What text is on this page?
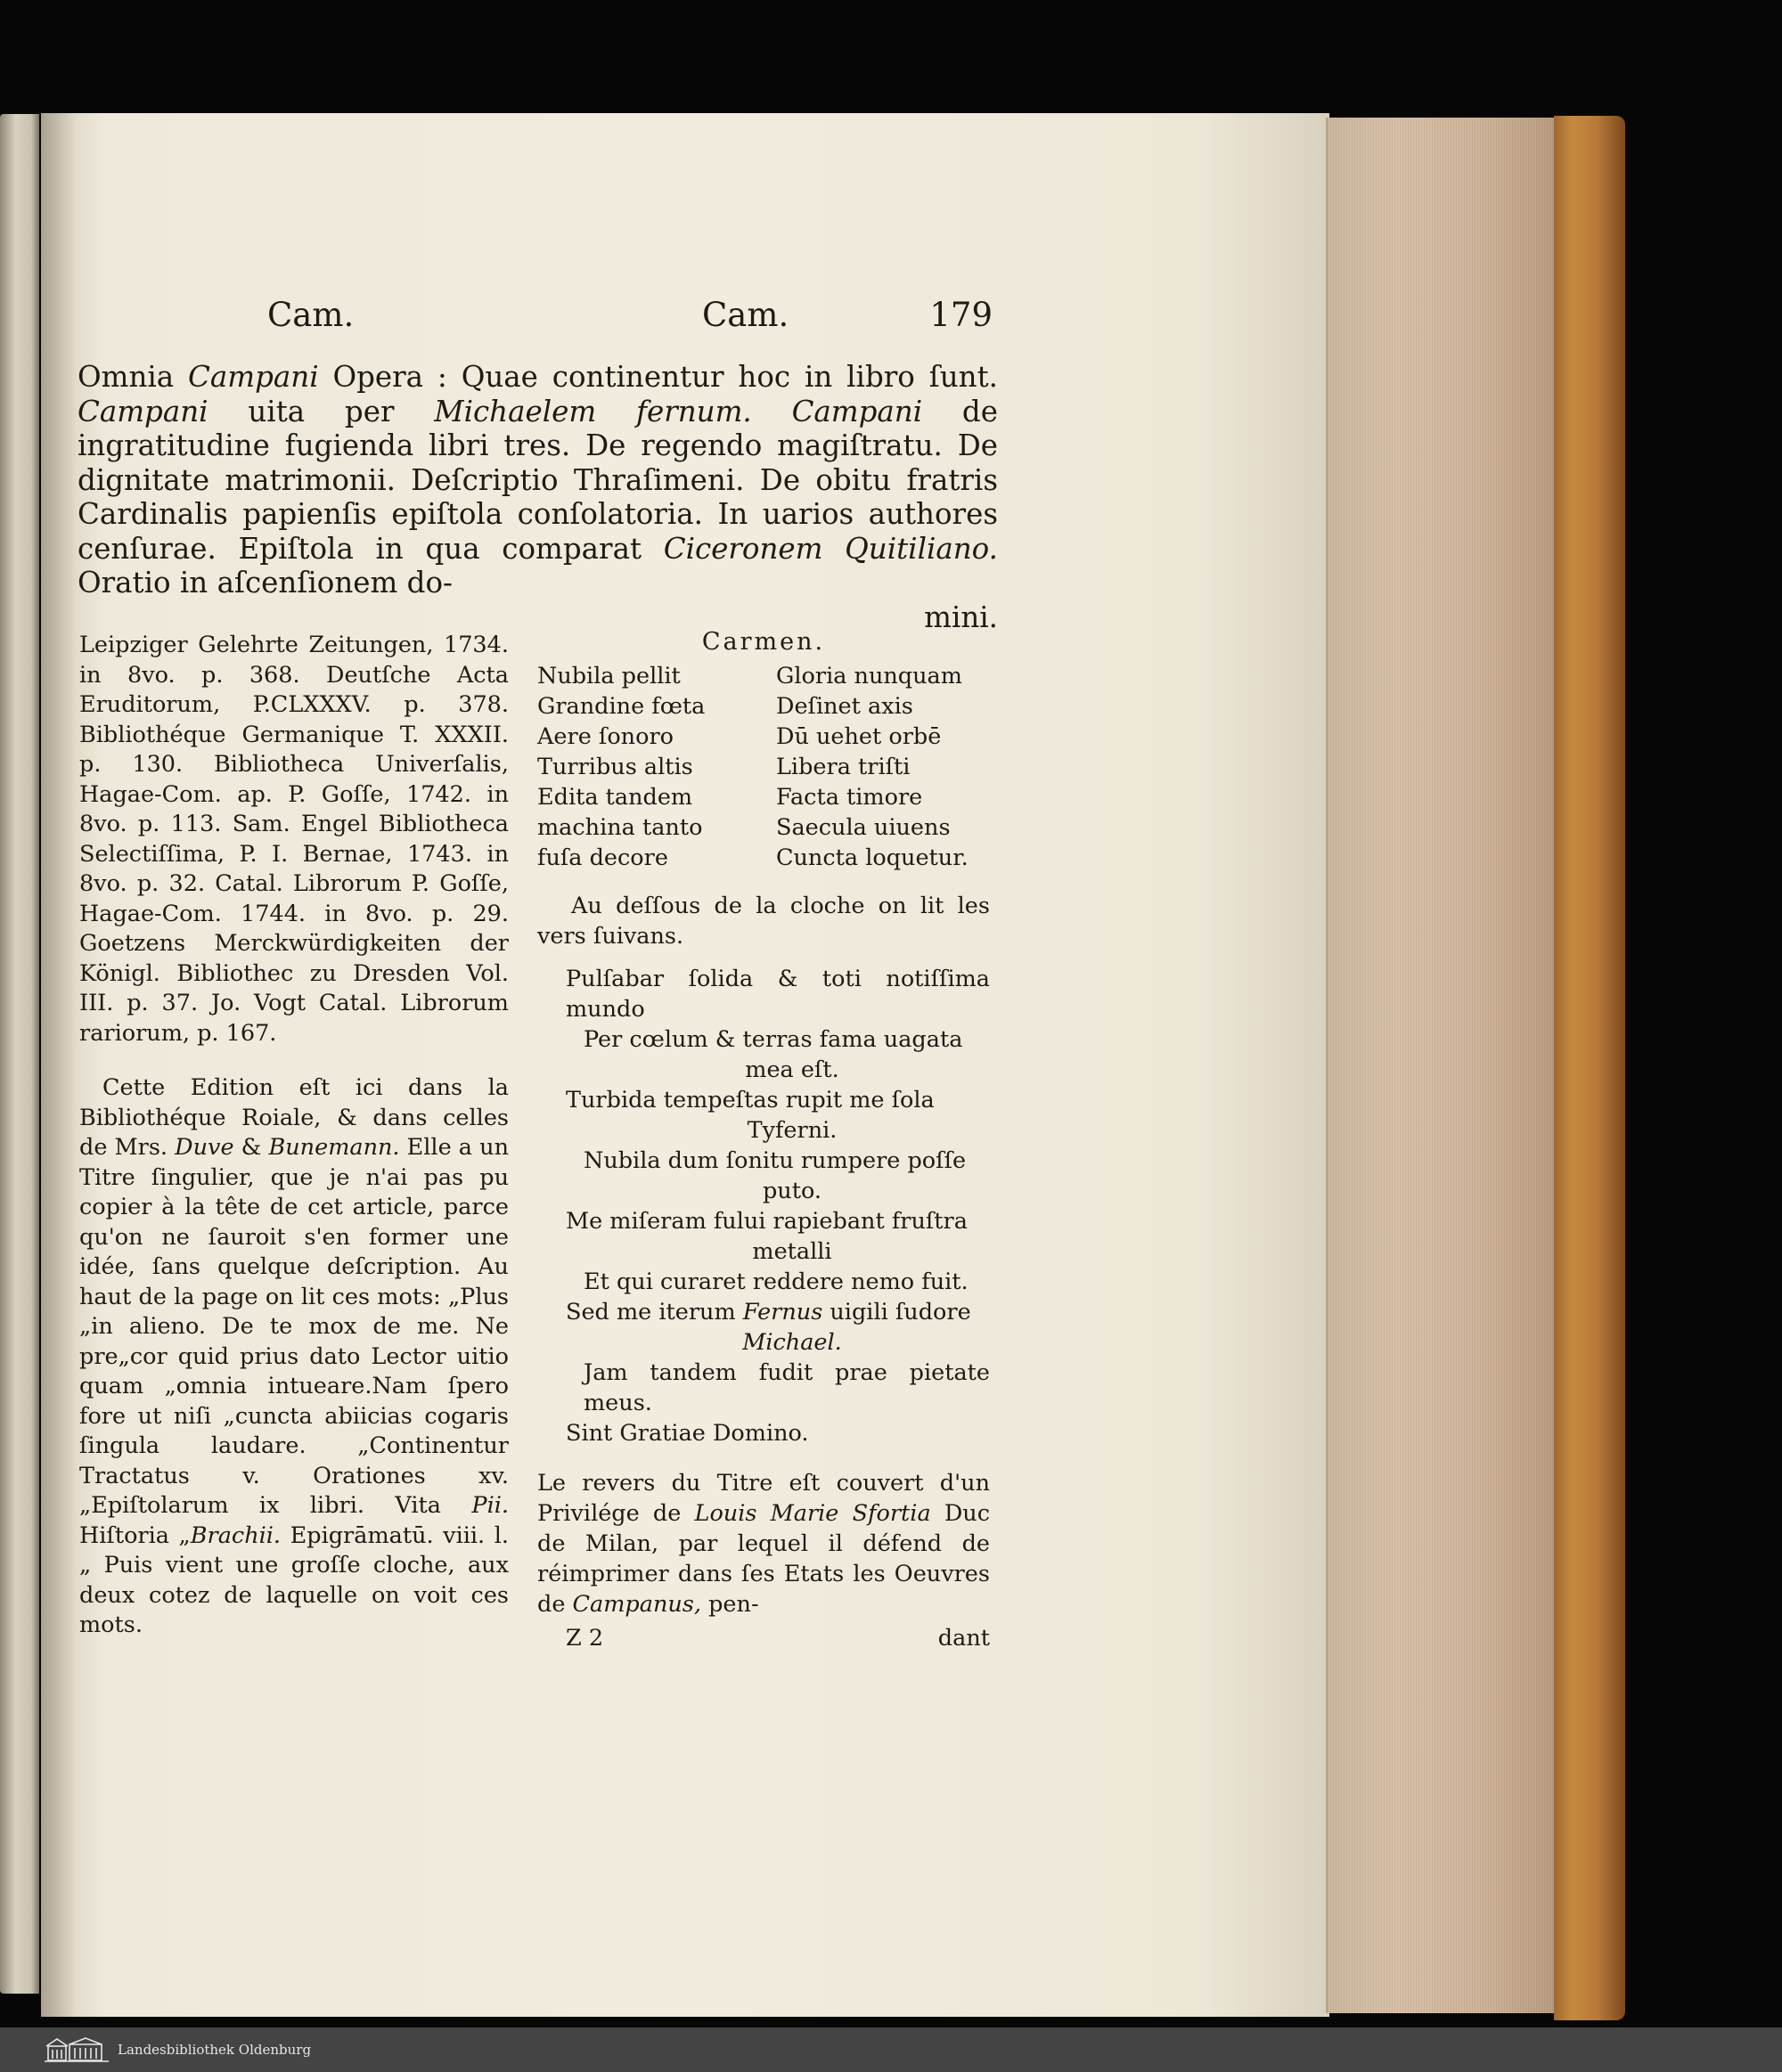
Cam.	Cam.	179
Omnia Campani Opera : Quae continentur hoc in libro ſunt. Campani uita per Michaelem fernum. Campani de ingratitudine fugienda libri tres. De regendo magiſtratu. De dignitate matrimonii. Deſcriptio Thraſimeni. De obitu fratris Cardinalis papienſis epiſtola conſolatoria. In uarios authores cenſurae. Epiſtola in qua comparat Ciceronem Quitiliano. Oratio in aſcenſionem do-
mini.

Leipziger Gelehrte Zeitungen, 1734. in 8vo. p. 368. Deutſche Acta Eruditorum, P.CLXXXV. p. 378. Bibliothéque Germanique T. XXXII. p. 130. Bibliotheca Univerſalis, Hagae-Com. ap. P. Goſſe, 1742. in 8vo. p. 113. Sam. Engel Bibliotheca Selectiſſima, P. I. Bernae, 1743. in 8vo. p. 32. Catal. Librorum P. Goſſe, Hagae-Com. 1744. in 8vo. p. 29. Goetzens Merckwürdigkeiten der Königl. Bibliothec zu Dresden Vol. III. p. 37. Jo. Vogt Catal. Librorum rariorum, p. 167.

Cette Edition eſt ici dans la Bibliothéque Roiale, & dans celles de Mrs. Duve & Bunemann. Elle a un Titre ſingulier, que je n'ai pas pu copier à la tête de cet article, parce qu'on ne ſauroit s'en former une idée, ſans quelque deſcription. Au haut de la page on lit ces mots: „Plus „in alieno. De te mox de me. Ne pre„cor quid prius dato Lector uitio quam „omnia intueare.Nam ſpero fore ut niſi „cuncta abiicias cogaris ſingula laudare. „Continentur Tractatus v. Orationes xv. „Epiſtolarum ix libri. Vita Pii. Hiſtoria „Brachii. Epigrāmatū. viii. l. „ Puis vient une groſſe cloche, aux deux cotez de laquelle on voit ces mots.

Carmen.
Nubila pellit	Gloria nunquam
Grandine fœta	Deſinet axis
Aere ſonoro	Dū uehet orbē
Turribus altis	Libera triſti
Edita tandem	Facta timore
machina tanto	Saecula uiuens
fuſa decore	Cuncta loquetur.

Au deſſous de la cloche on lit les vers ſuivans.

Pulſabar ſolida & toti notiſſima mundo

Per cœlum & terras fama uagata

mea eſt.

Turbida tempeſtas rupit me ſola

Tyferni.

Nubila dum ſonitu rumpere poſſe

puto.

Me miſeram fului rapiebant fruſtra

metalli

Et qui curaret reddere nemo fuit.

Sed me iterum Fernus uigili ſudore

Michael.

Jam tandem fudit prae pietate meus.

Sint Gratiae Domino.

Le revers du Titre eſt couvert d'un Privilége de Louis Marie Sfortia Duc de Milan, par lequel il défend de réimprimer dans ſes Etats les Oeuvres de Campanus, pen-

Z 2	dant
Landesbibliothek Oldenburg
